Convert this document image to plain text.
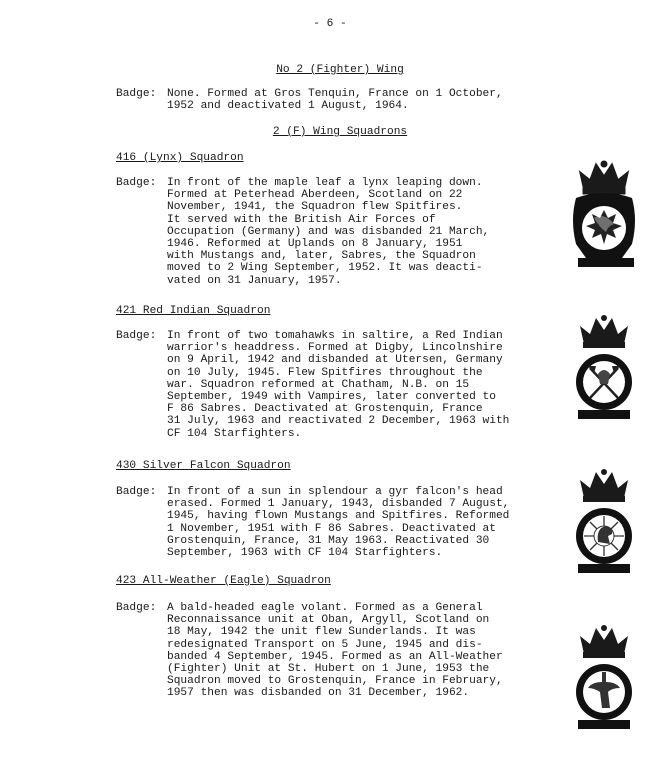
- 6 -
No 2 (Fighter) Wing
Badge: None. Formed at Gros Tenquin, France on 1 October,
1952 and deactivated 1 August, 1964.
2 (F) Wing Squadrons
416 (Lynx) Squadron
Badge: In front of the maple leaf a lynx leaping down.
Formed at Peterhead Aberdeen, Scotland on 22
November, 1941, the Squadron flew Spitfires.
It served with the British Air Forces of
Occupation (Germany) and was disbanded 21 March,
1946. Reformed at Uplands on 8 January, 1951
with Mustangs and, later, Sabres, the Squadron
moved to 2 Wing September, 1952. It was deacti-
vated on 31 January, 1957.
421 Red Indian Squadron
Badge: In front of two tomahawks in saltire, a Red Indian
warrior's headdress. Formed at Digby, Lincolnshire
on 9 April, 1942 and disbanded at Utersen, Germany
on 10 July, 1945. Flew Spitfires throughout the
war. Squadron reformed at Chatham, N.B. on 15
September, 1949 with Vampires, later converted to
F 86 Sabres. Deactivated at Grostenquin, France
31 July, 1963 and reactivated 2 December, 1963 with
CF 104 Starfighters.
430 Silver Falcon Squadron
Badge: In front of a sun in splendour a gyr falcon's head
erased. Formed 1 January, 1943, disbanded 7 August,
1945, having flown Mustangs and Spitfires. Reformed
1 November, 1951 with F 86 Sabres. Deactivated at
Grostenquin, France, 31 May 1963. Reactivated 30
September, 1963 with CF 104 Starfighters.
423 All-Weather (Eagle) Squadron
Badge: A bald-headed eagle volant. Formed as a General
Reconnaissance unit at Oban, Argyll, Scotland on
18 May, 1942 the unit flew Sunderlands. It was
redesignated Transport on 5 June, 1945 and dis-
banded 4 September, 1945. Formed as an All-Weather
(Fighter) Unit at St. Hubert on 1 June, 1953 the
Squadron moved to Grostenquin, France in February,
1957 then was disbanded on 31 December, 1962.
